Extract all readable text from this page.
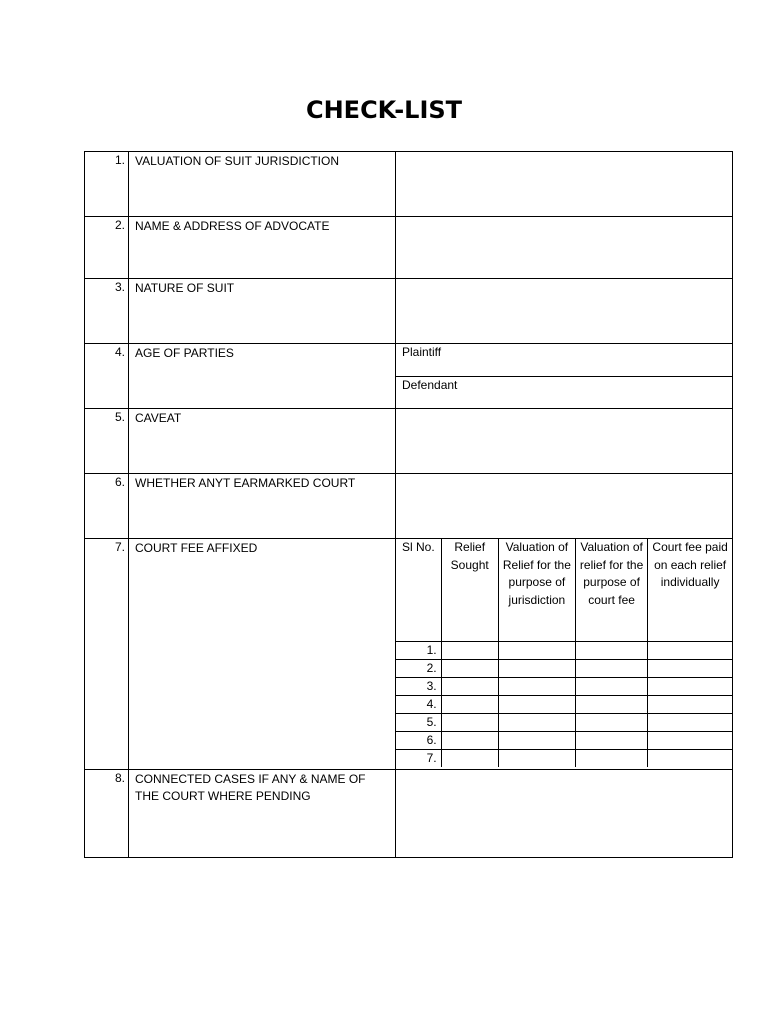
CHECK-LIST
1.	VALUATION OF SUIT JURISDICTION	
2.	NAME & ADDRESS OF ADVOCATE	
3.	NATURE OF SUIT	
4.	AGE OF PARTIES	Plaintiff
Defendant

5.	CAVEAT	
6.	WHETHER ANYT EARMARKED COURT	
7.	COURT FEE AFFIXED		Sl No.	Relief Sought	Valuation of Relief for the purpose of jurisdiction	Valuation of relief for the purpose of court fee	Court fee paid on each relief individually
1.				
2.				
3.				
4.				
5.				
6.				
7.				

8.	CONNECTED CASES IF ANY & NAME OF THE COURT WHERE PENDING	
